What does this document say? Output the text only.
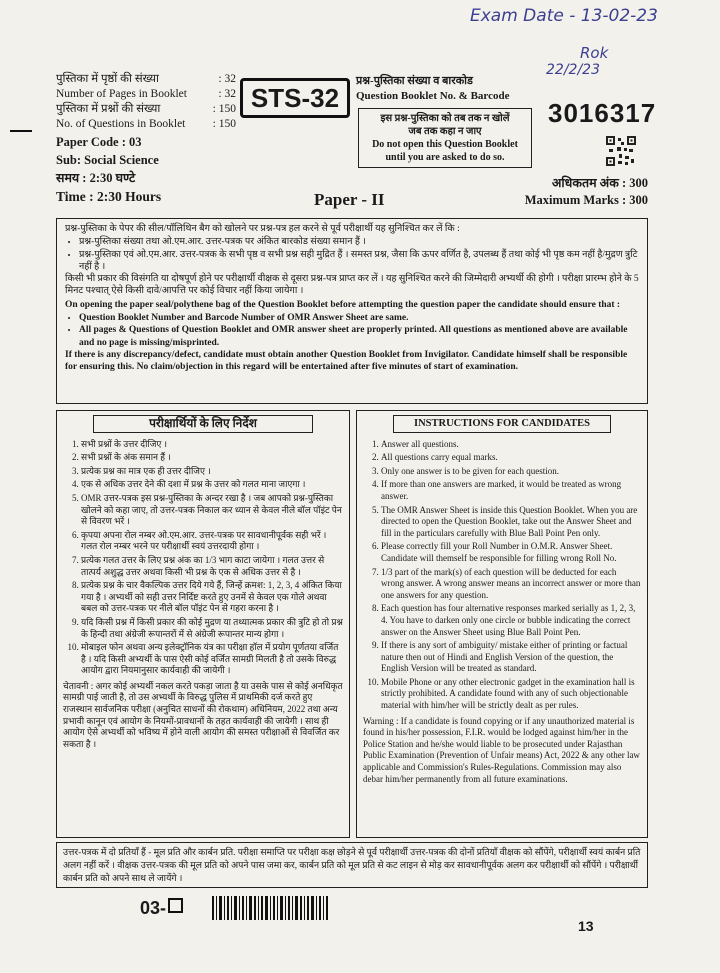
Exam Date - 13-02-23
Rok
22/2/23
पुस्तिका में पृष्ठों की संख्या	: 32
Number of Pages in Booklet	: 32
पुस्तिका में प्रश्नों की संख्या	: 150
No. of Questions in Booklet : 150
Paper Code : 03
Sub: Social Science
समय : 2:30 घण्टे
Time : 2:30 Hours
STS-32
प्रश्न-पुस्तिका संख्या व बारकोड
Question Booklet No. & Barcode
इस प्रश्न-पुस्तिका को तब तक न खोलें
जब तक कहा न जाए
Do not open this Question Booklet
until you are asked to do so.
3016317
Paper - II
अधिकतम अंक : 300
Maximum Marks : 300

प्रश्न-पुस्तिका के पेपर की सील/पॉलिथिन बैग को खोलने पर प्रश्न-पत्र हल करने से पूर्व परीक्षार्थी यह सुनिश्चित कर लें कि :

• प्रश्न-पुस्तिका संख्या तथा ओ.एम.आर. उत्तर-पत्रक पर अंकित बारकोड संख्या समान हैं ।
• प्रश्न-पुस्तिका एवं ओ.एम.आर. उत्तर-पत्रक के सभी पृष्ठ व सभी प्रश्न सही मुद्रित हैं । समस्त प्रश्न, जैसा कि ऊपर वर्णित है, उपलब्ध हैं तथा कोई भी पृष्ठ कम नहीं है/मुद्रण त्रुटि नहीं है ।

किसी भी प्रकार की विसंगति या दोषपूर्ण होने पर परीक्षार्थी वीक्षक से दूसरा प्रश्न-पत्र प्राप्त कर लें । यह सुनिश्चित करने की जिम्मेदारी अभ्यर्थी की होगी । परीक्षा प्रारम्भ होने के 5 मिनट पश्चात् ऐसे किसी दावे/आपत्ति पर कोई विचार नहीं किया जायेगा ।

On opening the paper seal/polythene bag of the Question Booklet before attempting the question paper the candidate should ensure that :

• Question Booklet Number and Barcode Number of OMR Answer Sheet are same.
• All pages & Questions of Question Booklet and OMR answer sheet are properly printed. All questions as mentioned above are available and no page is missing/misprinted.

If there is any discrepancy/defect, candidate must obtain another Question Booklet from Invigilator. Candidate himself shall be responsible for ensuring this. No claim/objection in this regard will be entertained after five minutes of start of examination.

परीक्षार्थियों के लिए निर्देश
1. सभी प्रश्नों के उत्तर दीजिए ।
2. सभी प्रश्नों के अंक समान हैं ।
3. प्रत्येक प्रश्न का मात्र एक ही उत्तर दीजिए ।
4. एक से अधिक उत्तर देने की दशा में प्रश्न के उत्तर को गलत माना जाएगा ।
5. OMR उत्तर-पत्रक इस प्रश्न-पुस्तिका के अन्दर रखा है । जब आपको प्रश्न-पुस्तिका खोलने को कहा जाए, तो उत्तर-पत्रक निकाल कर ध्यान से केवल नीले बॉल पॉइंट पेन से विवरण भरें ।
6. कृपया अपना रोल नम्बर ओ.एम.आर. उत्तर-पत्रक पर सावधानीपूर्वक सही भरें । गलत रोल नम्बर भरने पर परीक्षार्थी स्वयं उत्तरदायी होगा ।
7. प्रत्येक गलत उत्तर के लिए प्रश्न अंक का 1/3 भाग काटा जायेगा । गलत उत्तर से तात्पर्य अशुद्ध उत्तर अथवा किसी भी प्रश्न के एक से अधिक उत्तर से है ।
8. प्रत्येक प्रश्न के चार वैकल्पिक उत्तर दिये गये हैं, जिन्हें क्रमश: 1, 2, 3, 4 अंकित किया गया है । अभ्यर्थी को सही उत्तर निर्दिष्ट करते हुए उनमें से केवल एक गोले अथवा बबल को उत्तर-पत्रक पर नीले बॉल पॉइंट पेन से गहरा करना है ।
9. यदि किसी प्रश्न में किसी प्रकार की कोई मुद्रण या तथ्यात्मक प्रकार की त्रुटि हो तो प्रश्न के हिन्दी तथा अंग्रेजी रूपान्तरों में से अंग्रेजी रूपान्तर मान्य होगा ।
10. मोबाइल फोन अथवा अन्य इलेक्ट्रॉनिक यंत्र का परीक्षा हॉल में प्रयोग पूर्णतया वर्जित है । यदि किसी अभ्यर्थी के पास ऐसी कोई वर्जित सामग्री मिलती है तो उसके विरुद्ध आयोग द्वारा नियमानुसार कार्यवाही की जायेगी ।
चेतावनी : अगर कोई अभ्यर्थी नकल करते पकड़ा जाता है या उसके पास से कोई अनधिकृत सामग्री पाई जाती है, तो उस अभ्यर्थी के विरुद्ध पुलिस में प्राथमिकी दर्ज करते हुए राजस्थान सार्वजनिक परीक्षा (अनुचित साधनों की रोकथाम) अधिनियम, 2022 तथा अन्य प्रभावी कानून एवं आयोग के नियमों-प्रावधानों के तहत कार्यवाही की जायेगी । साथ ही आयोग ऐसे अभ्यर्थी को भविष्य में होने वाली आयोग की समस्त परीक्षाओं से विवर्जित कर सकता है ।
INSTRUCTIONS FOR CANDIDATES
1. Answer all questions.
2. All questions carry equal marks.
3. Only one answer is to be given for each question.
4. If more than one answers are marked, it would be treated as wrong answer.
5. The OMR Answer Sheet is inside this Question Booklet. When you are directed to open the Question Booklet, take out the Answer Sheet and fill in the particulars carefully with Blue Ball Point Pen only.
6. Please correctly fill your Roll Number in O.M.R. Answer Sheet. Candidate will themself be responsible for filling wrong Roll No.
7. 1/3 part of the mark(s) of each question will be deducted for each wrong answer. A wrong answer means an incorrect answer or more than one answers for any question.
8. Each question has four alternative responses marked serially as 1, 2, 3, 4. You have to darken only one circle or bubble indicating the correct answer on the Answer Sheet using Blue Ball Point Pen.
9. If there is any sort of ambiguity/ mistake either of printing or factual nature then out of Hindi and English Version of the question, the English Version will be treated as standard.
10. Mobile Phone or any other electronic gadget in the examination hall is strictly prohibited. A candidate found with any of such objectionable material with him/her will be strictly dealt as per rules.
Warning : If a candidate is found copying or if any unauthorized material is found in his/her possession, F.I.R. would be lodged against him/her in the Police Station and he/she would liable to be prosecuted under Rajasthan Public Examination (Prevention of Unfair means) Act, 2022 & any other law applicable and Commission's Rules-Regulations. Commission may also debar him/her permanently from all future examinations.
उत्तर-पत्रक में दो प्रतियाँ हैं - मूल प्रति और कार्बन प्रति. परीक्षा समाप्ति पर परीक्षा कक्ष छोड़ने से पूर्व परीक्षार्थी उत्तर-पत्रक की दोनों प्रतियाँ वीक्षक को सौंपेंगे, परीक्षार्थी स्वयं कार्बन प्रति अलग नहीं करें । वीक्षक उत्तर-पत्रक की मूल प्रति को अपने पास जमा कर, कार्बन प्रति को मूल प्रति से कट लाइन से मोड़ कर सावधानीपूर्वक अलग कर परीक्षार्थी को सौंपेंगे । परीक्षार्थी कार्बन प्रति को अपने साथ ले जायेंगे ।
03-
13
